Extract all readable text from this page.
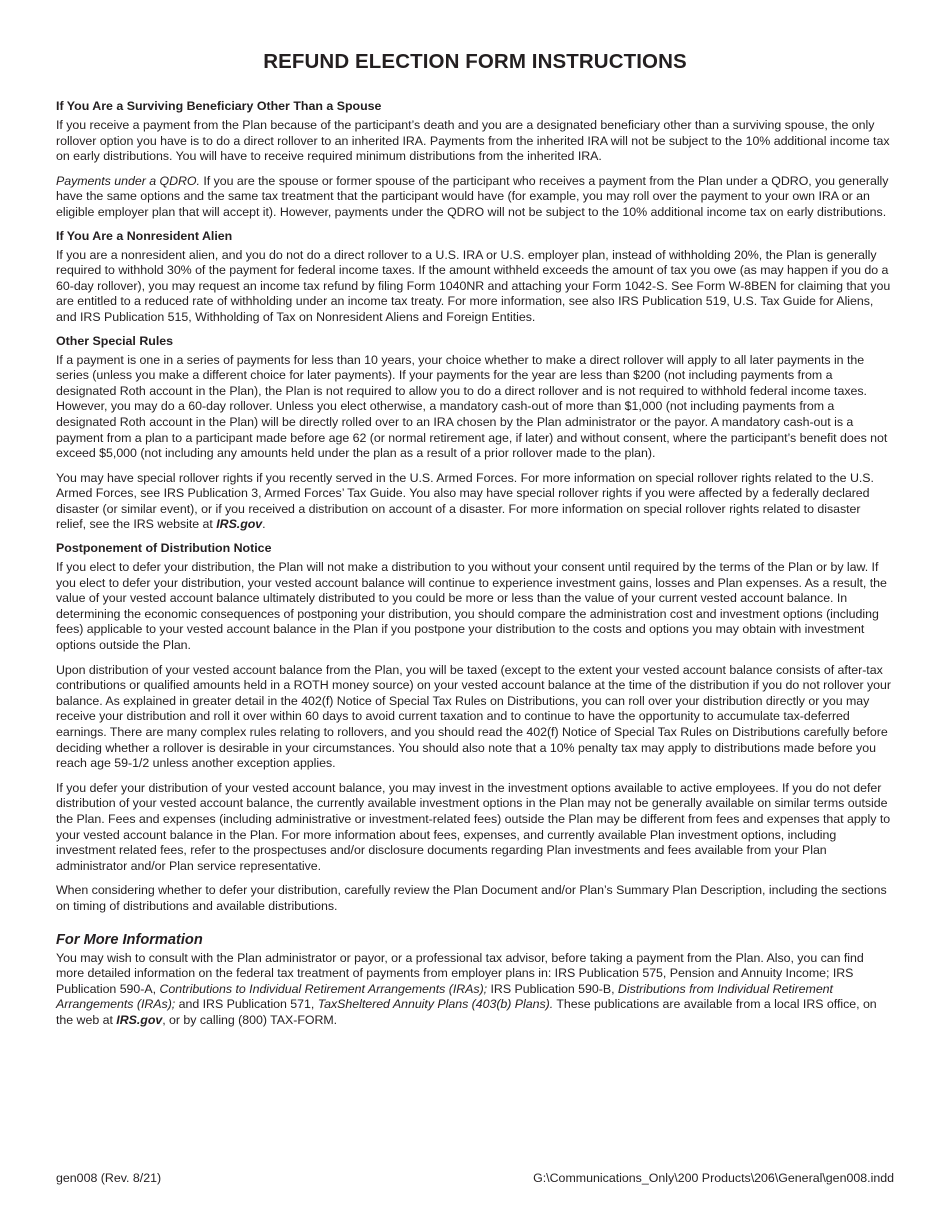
REFUND ELECTION FORM INSTRUCTIONS
If You Are a Surviving Beneficiary Other Than a Spouse

If you receive a payment from the Plan because of the participant’s death and you are a designated beneficiary other than a surviving spouse, the only rollover option you have is to do a direct rollover to an inherited IRA. Payments from the inherited IRA will not be subject to the 10% additional income tax on early distributions. You will have to receive required minimum distributions from the inherited IRA.

Payments under a QDRO. If you are the spouse or former spouse of the participant who receives a payment from the Plan under a QDRO, you generally have the same options and the same tax treatment that the participant would have (for example, you may roll over the payment to your own IRA or an eligible employer plan that will accept it). However, payments under the QDRO will not be subject to the 10% additional income tax on early distributions.

If You Are a Nonresident Alien

If you are a nonresident alien, and you do not do a direct rollover to a U.S. IRA or U.S. employer plan, instead of withholding 20%, the Plan is generally required to withhold 30% of the payment for federal income taxes. If the amount withheld exceeds the amount of tax you owe (as may happen if you do a 60-day rollover), you may request an income tax refund by filing Form 1040NR and attaching your Form 1042-S. See Form W-8BEN for claiming that you are entitled to a reduced rate of withholding under an income tax treaty. For more information, see also IRS Publication 519, U.S. Tax Guide for Aliens, and IRS Publication 515, Withholding of Tax on Nonresident Aliens and Foreign Entities.

Other Special Rules

If a payment is one in a series of payments for less than 10 years, your choice whether to make a direct rollover will apply to all later payments in the series (unless you make a different choice for later payments). If your payments for the year are less than $200 (not including payments from a designated Roth account in the Plan), the Plan is not required to allow you to do a direct rollover and is not required to withhold federal income taxes. However, you may do a 60-day rollover. Unless you elect otherwise, a mandatory cash-out of more than $1,000 (not including payments from a designated Roth account in the Plan) will be directly rolled over to an IRA chosen by the Plan administrator or the payor. A mandatory cash-out is a payment from a plan to a participant made before age 62 (or normal retirement age, if later) and without consent, where the participant’s benefit does not exceed $5,000 (not including any amounts held under the plan as a result of a prior rollover made to the plan).

You may have special rollover rights if you recently served in the U.S. Armed Forces. For more information on special rollover rights related to the U.S. Armed Forces, see IRS Publication 3, Armed Forces’ Tax Guide. You also may have special rollover rights if you were affected by a federally declared disaster (or similar event), or if you received a distribution on account of a disaster. For more information on special rollover rights related to disaster relief, see the IRS website at IRS.gov.

Postponement of Distribution Notice

If you elect to defer your distribution, the Plan will not make a distribution to you without your consent until required by the terms of the Plan or by law. If you elect to defer your distribution, your vested account balance will continue to experience investment gains, losses and Plan expenses. As a result, the value of your vested account balance ultimately distributed to you could be more or less than the value of your current vested account balance. In determining the economic consequences of postponing your distribution, you should compare the administration cost and investment options (including fees) applicable to your vested account balance in the Plan if you postpone your distribution to the costs and options you may obtain with investment options outside the Plan.

Upon distribution of your vested account balance from the Plan, you will be taxed (except to the extent your vested account balance consists of after-tax contributions or qualified amounts held in a ROTH money source) on your vested account balance at the time of the distribution if you do not rollover your balance. As explained in greater detail in the 402(f) Notice of Special Tax Rules on Distributions, you can roll over your distribution directly or you may receive your distribution and roll it over within 60 days to avoid current taxation and to continue to have the opportunity to accumulate tax-deferred earnings. There are many complex rules relating to rollovers, and you should read the 402(f) Notice of Special Tax Rules on Distributions carefully before deciding whether a rollover is desirable in your circumstances. You should also note that a 10% penalty tax may apply to distributions made before you reach age 59-1/2 unless another exception applies.

If you defer your distribution of your vested account balance, you may invest in the investment options available to active employees. If you do not defer distribution of your vested account balance, the currently available investment options in the Plan may not be generally available on similar terms outside the Plan. Fees and expenses (including administrative or investment-related fees) outside the Plan may be different from fees and expenses that apply to your vested account balance in the Plan. For more information about fees, expenses, and currently available Plan investment options, including investment related fees, refer to the prospectuses and/or disclosure documents regarding Plan investments and fees available from your Plan administrator and/or Plan service representative.

When considering whether to defer your distribution, carefully review the Plan Document and/or Plan’s Summary Plan Description, including the sections on timing of distributions and available distributions.

For More Information

You may wish to consult with the Plan administrator or payor, or a professional tax advisor, before taking a payment from the Plan. Also, you can find more detailed information on the federal tax treatment of payments from employer plans in: IRS Publication 575, Pension and Annuity Income; IRS Publication 590-A, Contributions to Individual Retirement Arrangements (IRAs); IRS Publication 590-B, Distributions from Individual Retirement Arrangements (IRAs); and IRS Publication 571, TaxSheltered Annuity Plans (403(b) Plans). These publications are available from a local IRS office, on the web at IRS.gov, or by calling (800) TAX-FORM.

gen008 (Rev. 8/21)	G:\Communications_Only\200 Products\206\General\gen008.indd
